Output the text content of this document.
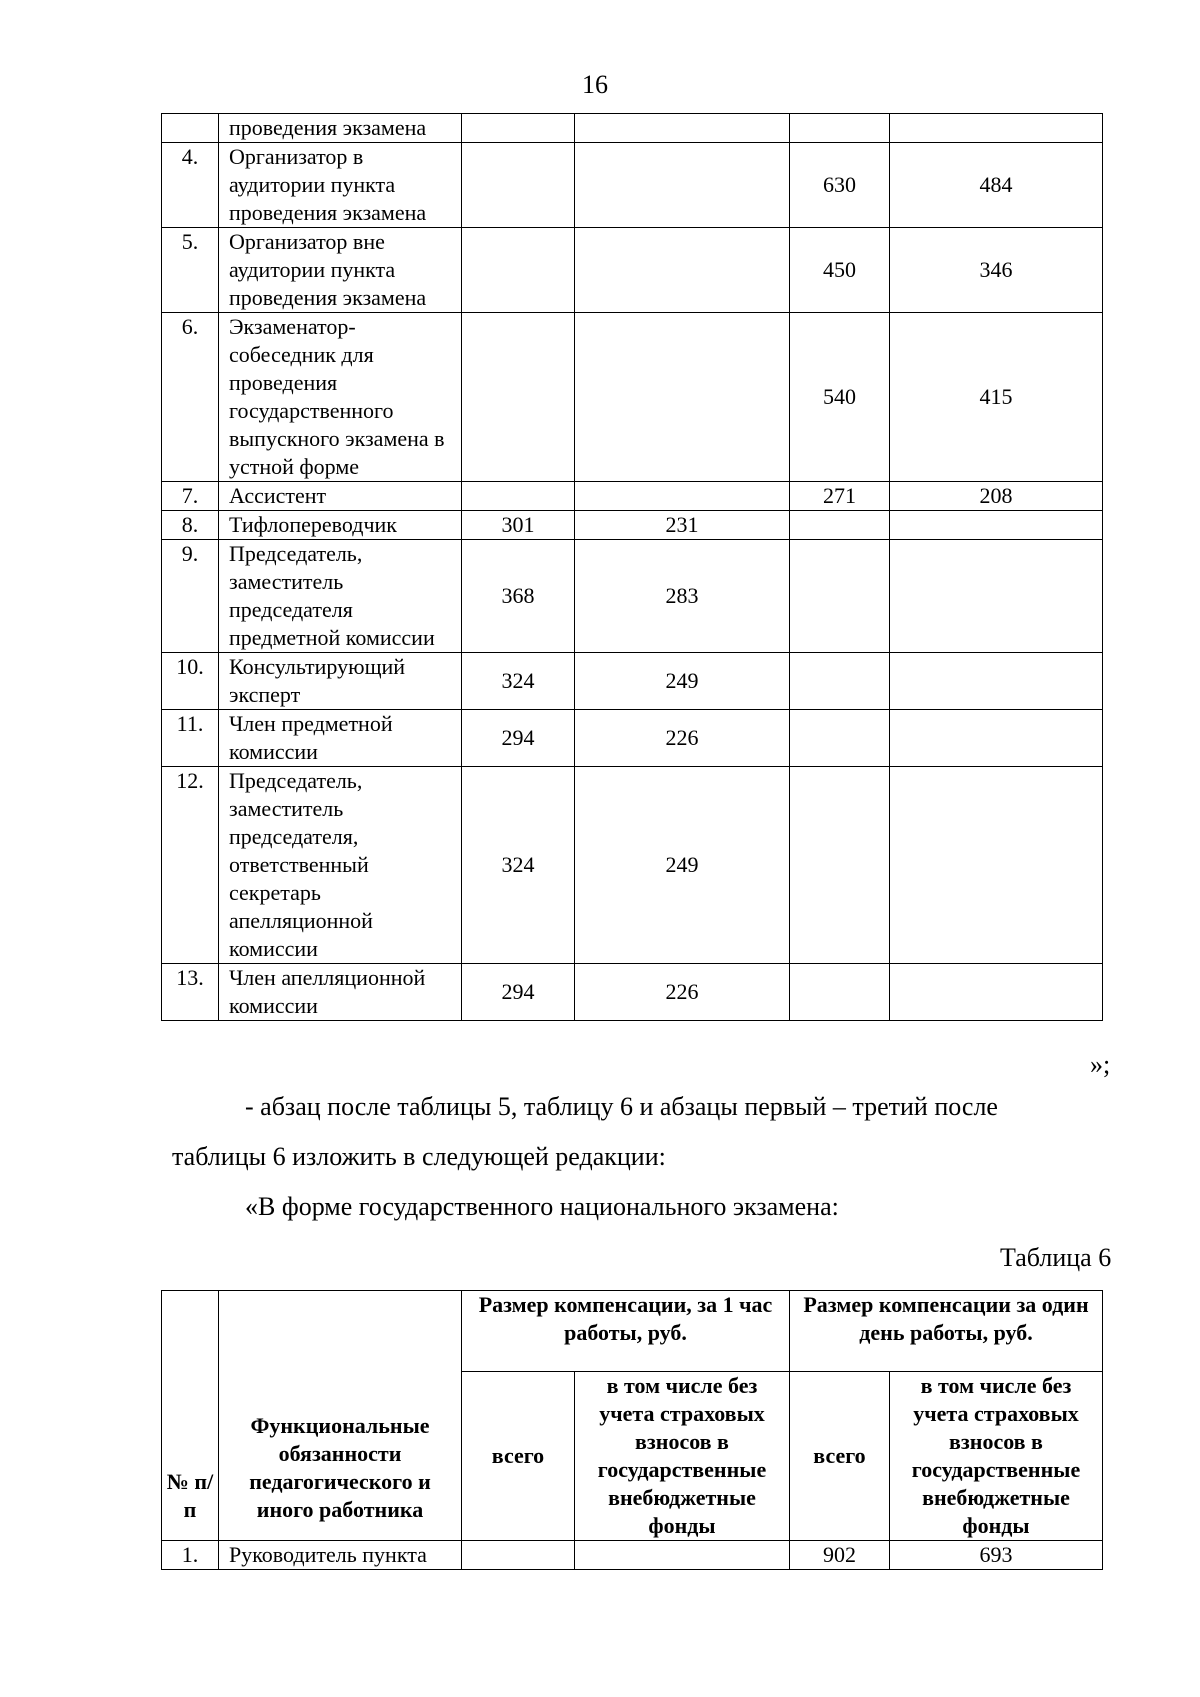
16
	проведения экзамена				
4.	Организатор в аудитории пункта проведения экзамена			630	484
5.	Организатор вне аудитории пункта проведения экзамена			450	346
6.	Экзаменатор-собеседник для проведения государственного выпускного экзамена в устной форме			540	415
7.	Ассистент			271	208
8.	Тифлопереводчик	301	231		
9.	Председатель, заместитель председателя предметной комиссии	368	283		
10.	Консультирующий эксперт	324	249		
11.	Член предметной комиссии	294	226		
12.	Председатель, заместитель председателя, ответственный секретарь апелляционной комиссии	324	249		
13.	Член апелляционной комиссии	294	226		
»;
- абзац после таблицы 5, таблицу 6 и абзацы первый – третий после
таблицы 6 изложить в следующей редакции:
«В форме государственного национального экзамена:
Таблица 6
№ п/п	Функциональные обязанности педагогического и иного работника	Размер компенсации, за 1 час работы, руб.		Размер компенсации за один день работы, руб.	
		всего	в том числе без учета страховых взносов в государственные внебюджетные фонды	всего	в том числе без учета страховых взносов в государственные внебюджетные фонды
1.	Руководитель пункта			902	693
